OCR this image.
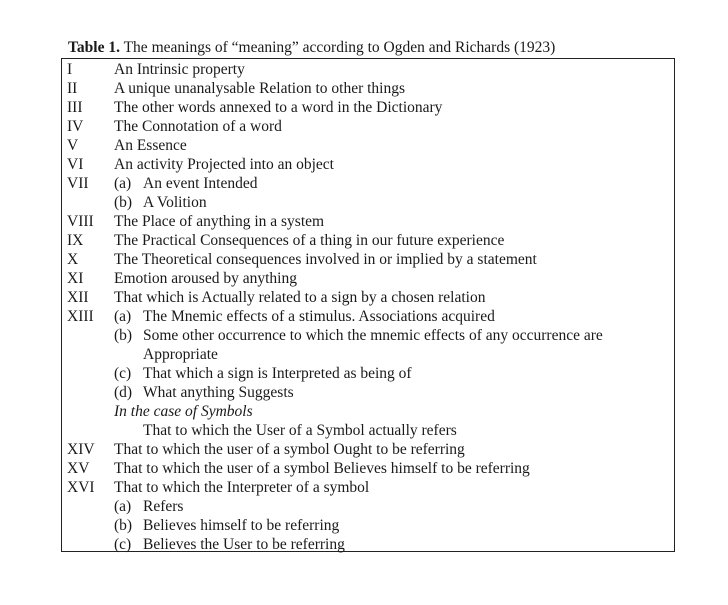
Table 1. The meanings of “meaning” according to Ogden and Richards (1923)
I	An Intrinsic property
II A unique unanalysable Relation to other things
III The other words annexed to a word in the Dictionary
IV The Connotation of a word
V An Essence
VI An activity Projected into an object
VII (a) An event Intended
(b) A Volition
VIII The Place of anything in a system
IX The Practical Consequences of a thing in our future experience
X The Theoretical consequences involved in or implied by a statement
XI Emotion aroused by anything
XII That which is Actually related to a sign by a chosen relation
XIII (a) The Mnemic effects of a stimulus. Associations acquired
(b) Some other occurrence to which the mnemic effects of any occurrence are
Appropriate
(c) That which a sign is Interpreted as being of
(d) What anything Suggests
In the case of Symbols
That to which the User of a Symbol actually refers
XIV That to which the user of a symbol Ought to be referring
XV That to which the user of a symbol Believes himself to be referring
XVI That to which the Interpreter of a symbol
(a) Refers
(b) Believes himself to be referring
(c) Believes the User to be referring
